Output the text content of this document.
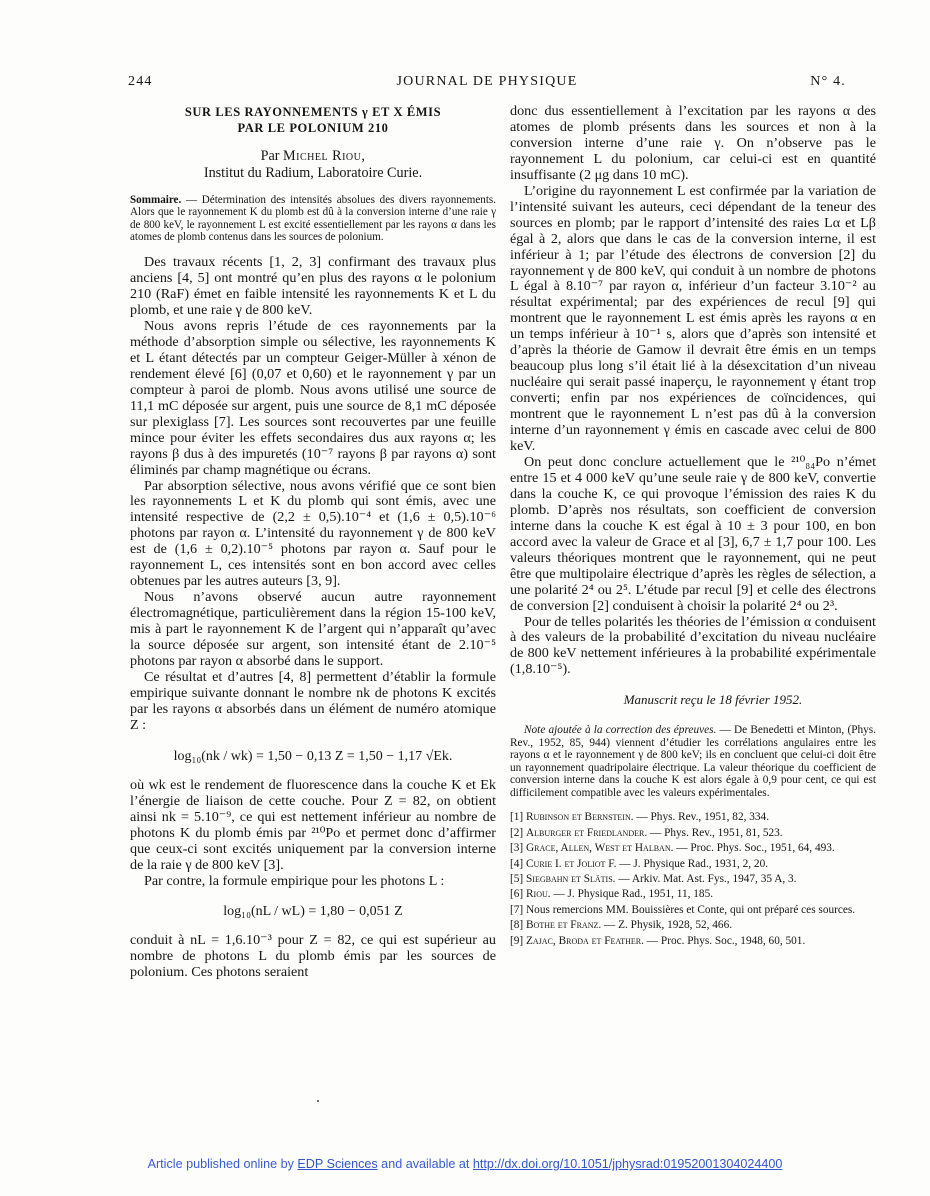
244	JOURNAL DE PHYSIQUE	N° 4.
SUR LES RAYONNEMENTS γ ET X ÉMIS
PAR LE POLONIUM 210
Par Michel Riou,
Institut du Radium, Laboratoire Curie.
Sommaire. — Détermination des intensités absolues des divers rayonnements. Alors que le rayonnement K du plomb est dû à la conversion interne d’une raie γ de 800 keV, le rayonnement L est excité essentiellement par les rayons α dans les atomes de plomb contenus dans les sources de polonium.

Des travaux récents [1, 2, 3] confirmant des travaux plus anciens [4, 5] ont montré qu’en plus des rayons α le polonium 210 (RaF) émet en faible intensité les rayonnements K et L du plomb, et une raie γ de 800 keV.

Nous avons repris l’étude de ces rayonnements par la méthode d’absorption simple ou sélective, les rayonnements K et L étant détectés par un compteur Geiger-Müller à xénon de rendement élevé [6] (0,07 et 0,60) et le rayonnement γ par un compteur à paroi de plomb. Nous avons utilisé une source de 11,1 mC déposée sur argent, puis une source de 8,1 mC déposée sur plexiglass [7]. Les sources sont recouvertes par une feuille mince pour éviter les effets secondaires dus aux rayons α; les rayons β dus à des impuretés (10⁻⁷ rayons β par rayons α) sont éliminés par champ magnétique ou écrans.

Par absorption sélective, nous avons vérifié que ce sont bien les rayonnements L et K du plomb qui sont émis, avec une intensité respective de (2,2 ± 0,5).10⁻⁴ et (1,6 ± 0,5).10⁻⁶ photons par rayon α. L’intensité du rayonnement γ de 800 keV est de (1,6 ± 0,2).10⁻⁵ photons par rayon α. Sauf pour le rayonnement L, ces intensités sont en bon accord avec celles obtenues par les autres auteurs [3, 9].

Nous n’avons observé aucun autre rayonnement électromagnétique, particulièrement dans la région 15-100 keV, mis à part le rayonnement K de l’argent qui n’apparaît qu’avec la source déposée sur argent, son intensité étant de 2.10⁻⁵ photons par rayon α absorbé dans le support.

Ce résultat et d’autres [4, 8] permettent d’établir la formule empirique suivante donnant le nombre nk de photons K excités par les rayons α absorbés dans un élément de numéro atomique Z :

log₁₀(nk / wk) = 1,50 − 0,13 Z = 1,50 − 1,17 √Ek.

où wk est le rendement de fluorescence dans la couche K et Ek l’énergie de liaison de cette couche. Pour Z = 82, on obtient ainsi nk = 5.10⁻⁹, ce qui est nettement inférieur au nombre de photons K du plomb émis par ²¹⁰Po et permet donc d’affirmer que ceux-ci sont excités uniquement par la conversion interne de la raie γ de 800 keV [3].

Par contre, la formule empirique pour les photons L :

log₁₀(nL / wL) = 1,80 − 0,051 Z

conduit à nL = 1,6.10⁻³ pour Z = 82, ce qui est supérieur au nombre de photons L du plomb émis par les sources de polonium. Ces photons seraient

donc dus essentiellement à l’excitation par les rayons α des atomes de plomb présents dans les sources et non à la conversion interne d’une raie γ. On n’observe pas le rayonnement L du polonium, car celui-ci est en quantité insuffisante (2 μg dans 10 mC).

L’origine du rayonnement L est confirmée par la variation de l’intensité suivant les auteurs, ceci dépendant de la teneur des sources en plomb; par le rapport d’intensité des raies Lα et Lβ égal à 2, alors que dans le cas de la conversion interne, il est inférieur à 1; par l’étude des électrons de conversion [2] du rayonnement γ de 800 keV, qui conduit à un nombre de photons L égal à 8.10⁻⁷ par rayon α, inférieur d’un facteur 3.10⁻² au résultat expérimental; par des expériences de recul [9] qui montrent que le rayonnement L est émis après les rayons α en un temps inférieur à 10⁻¹ s, alors que d’après son intensité et d’après la théorie de Gamow il devrait être émis en un temps beaucoup plus long s’il était lié à la désexcitation d’un niveau nucléaire qui serait passé inaperçu, le rayonnement γ étant trop converti; enfin par nos expériences de coïncidences, qui montrent que le rayonnement L n’est pas dû à la conversion interne d’un rayonnement γ émis en cascade avec celui de 800 keV.

On peut donc conclure actuellement que le ²¹⁰₈₄Po n’émet entre 15 et 4 000 keV qu’une seule raie γ de 800 keV, convertie dans la couche K, ce qui provoque l’émission des raies K du plomb. D’après nos résultats, son coefficient de conversion interne dans la couche K est égal à 10 ± 3 pour 100, en bon accord avec la valeur de Grace et al [3], 6,7 ± 1,7 pour 100. Les valeurs théoriques montrent que le rayonnement, qui ne peut être que multipolaire électrique d’après les règles de sélection, a une polarité 2⁴ ou 2⁵. L’étude par recul [9] et celle des électrons de conversion [2] conduisent à choisir la polarité 2⁴ ou 2³.

Pour de telles polarités les théories de l’émission α conduisent à des valeurs de la probabilité d’excitation du niveau nucléaire de 800 keV nettement inférieures à la probabilité expérimentale (1,8.10⁻⁵).

Manuscrit reçu le 18 février 1952.
Note ajoutée à la correction des épreuves. — De Benedetti et Minton, (Phys. Rev., 1952, 85, 944) viennent d’étudier les corrélations angulaires entre les rayons α et le rayonnement γ de 800 keV; ils en concluent que celui-ci doit être un rayonnement quadripolaire électrique. La valeur théorique du coefficient de conversion interne dans la couche K est alors égale à 0,9 pour cent, ce qui est difficilement compatible avec les valeurs expérimentales.
[1] Rubinson et Bernstein. — Phys. Rev., 1951, 82, 334.
[2] Alburger et Friedlander. — Phys. Rev., 1951, 81, 523.
[3] Grace, Allen, West et Halban. — Proc. Phys. Soc., 1951, 64, 493.
[4] Curie I. et Joliot F. — J. Physique Rad., 1931, 2, 20.
[5] Siegbahn et Slätis. — Arkiv. Mat. Ast. Fys., 1947, 35 A, 3.
[6] Riou. — J. Physique Rad., 1951, 11, 185.
[7] Nous remercions MM. Bouissières et Conte, qui ont préparé ces sources.
[8] Bothe et Franz. — Z. Physik, 1928, 52, 466.
[9] Zajac, Broda et Feather. — Proc. Phys. Soc., 1948, 60, 501.
Article published online by EDP Sciences and available at http://dx.doi.org/10.1051/jphysrad:01952001304024400
